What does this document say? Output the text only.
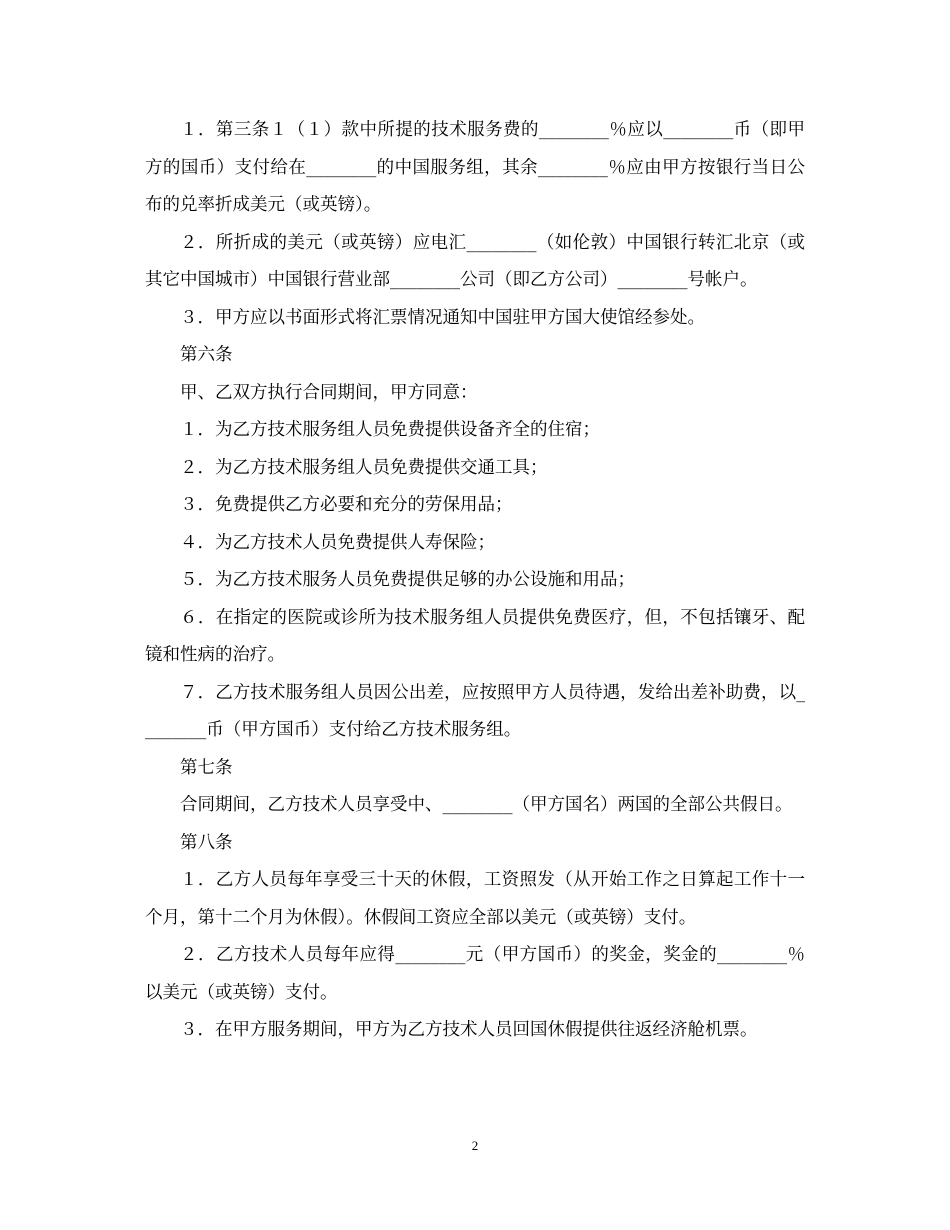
１．第三条１（１）款中所提的技术服务费的________％应以________币（即甲方的国币）支付给在________的中国服务组，其余________％应由甲方按银行当日公布的兑率折成美元（或英镑）。

２．所折成的美元（或英镑）应电汇________（如伦敦）中国银行转汇北京（或其它中国城市）中国银行营业部________公司（即乙方公司）________号帐户。

３．甲方应以书面形式将汇票情况通知中国驻甲方国大使馆经参处。

第六条

甲、乙双方执行合同期间，甲方同意：

１．为乙方技术服务组人员免费提供设备齐全的住宿；

２．为乙方技术服务组人员免费提供交通工具；

３．免费提供乙方必要和充分的劳保用品；

４．为乙方技术人员免费提供人寿保险；

５．为乙方技术服务人员免费提供足够的办公设施和用品；

６．在指定的医院或诊所为技术服务组人员提供免费医疗，但，不包括镶牙、配镜和性病的治疗。

７．乙方技术服务组人员因公出差，应按照甲方人员待遇，发给出差补助费，以________币（甲方国币）支付给乙方技术服务组。

第七条

合同期间，乙方技术人员享受中、________（甲方国名）两国的全部公共假日。

第八条

１．乙方人员每年享受三十天的休假，工资照发（从开始工作之日算起工作十一个月，第十二个月为休假）。休假间工资应全部以美元（或英镑）支付。

２．乙方技术人员每年应得________元（甲方国币）的奖金，奖金的________％以美元（或英镑）支付。

３．在甲方服务期间，甲方为乙方技术人员回国休假提供往返经济舱机票。

2
